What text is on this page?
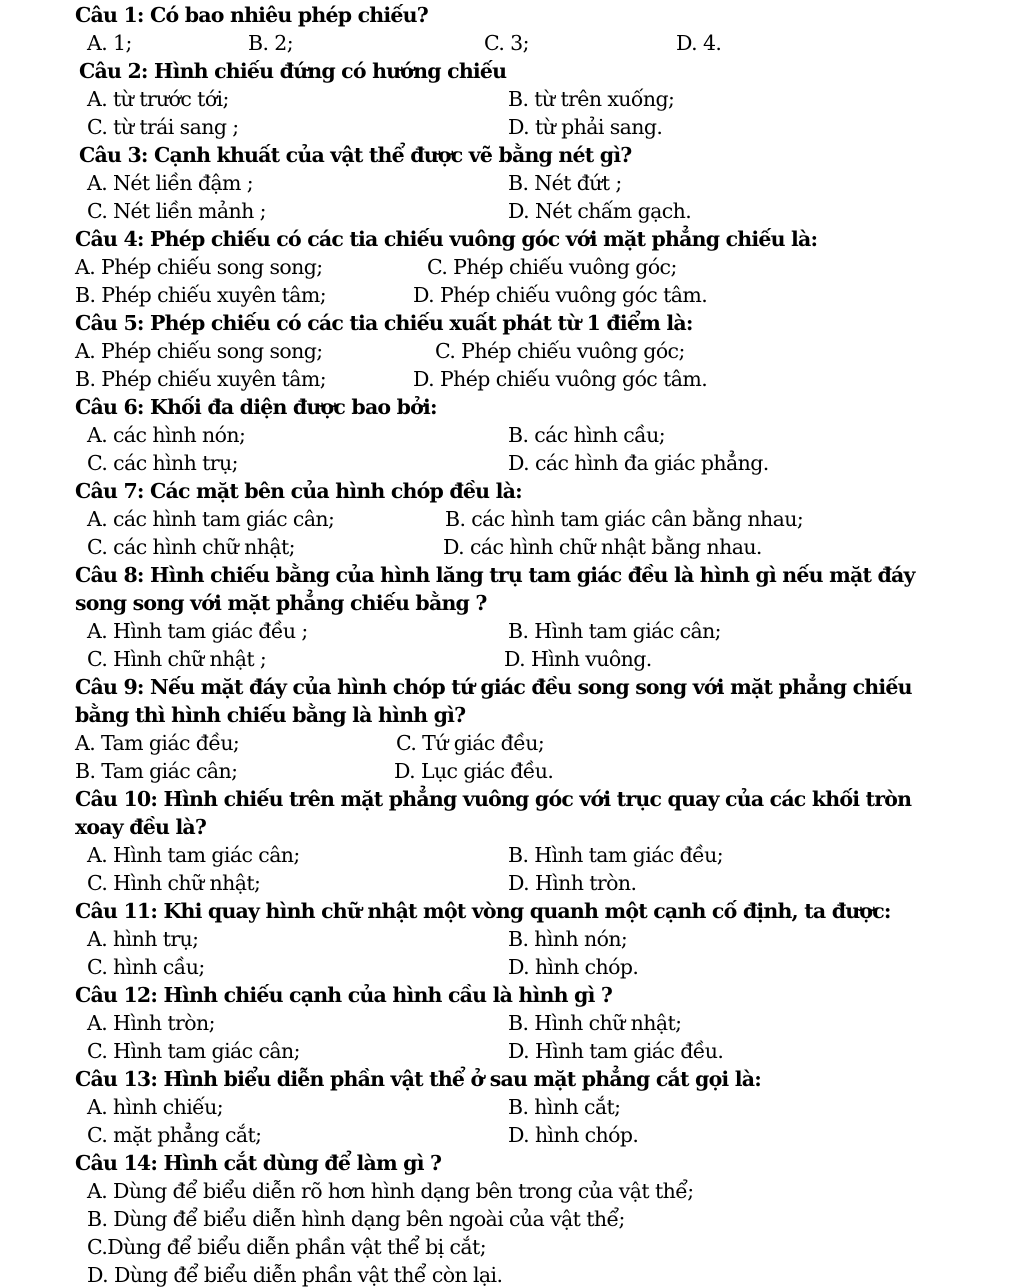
Câu 1: Có bao nhiêu phép chiếu?
A. 1;	B. 2;	C. 3;	D. 4.
Câu 2: Hình chiếu đứng có hướng chiếu
A. từ trước tới;	B. từ trên xuống;
C. từ trái sang ;	D. từ phải sang.
Câu 3: Cạnh khuất của vật thể được vẽ bằng nét gì?
A. Nét liền đậm ;	B. Nét đứt ;
C. Nét liền mảnh ;	D. Nét chấm gạch.
Câu 4: Phép chiếu có các tia chiếu vuông góc với mặt phẳng chiếu là:
A. Phép chiếu song song;	C. Phép chiếu vuông góc;
B. Phép chiếu xuyên tâm;	D. Phép chiếu vuông góc tâm.
Câu 5: Phép chiếu có các tia chiếu xuất phát từ 1 điểm là:
A. Phép chiếu song song;	C. Phép chiếu vuông góc;
B. Phép chiếu xuyên tâm;	D. Phép chiếu vuông góc tâm.
Câu 6: Khối đa diện được bao bởi:
A. các hình nón;	B. các hình cầu;
C. các hình trụ;	D. các hình đa giác phẳng.
Câu 7: Các mặt bên của hình chóp đều là:
A. các hình tam giác cân;	B. các hình tam giác cân bằng nhau;
C. các hình chữ nhật;	D. các hình chữ nhật bằng nhau.
Câu 8: Hình chiếu bằng của hình lăng trụ tam giác đều là hình gì nếu mặt đáy
song song với mặt phẳng chiếu bằng ?
A. Hình tam giác đều ;	B. Hình tam giác cân;
C. Hình chữ nhật ;	D. Hình vuông.
Câu 9: Nếu mặt đáy của hình chóp tứ giác đều song song với mặt phẳng chiếu
bằng thì hình chiếu bằng là hình gì?
A. Tam giác đều;	C. Tứ giác đều;
B. Tam giác cân;	D. Lục giác đều.
Câu 10: Hình chiếu trên mặt phẳng vuông góc với trục quay của các khối tròn
xoay đều là?
A. Hình tam giác cân;	B. Hình tam giác đều;
C. Hình chữ nhật;	D. Hình tròn.
Câu 11: Khi quay hình chữ nhật một vòng quanh một cạnh cố định, ta được:
A. hình trụ;	B. hình nón;
C. hình cầu;	D. hình chóp.
Câu 12: Hình chiếu cạnh của hình cầu là hình gì ?
A. Hình tròn;	B. Hình chữ nhật;
C. Hình tam giác cân;	D. Hình tam giác đều.
Câu 13: Hình biểu diễn phần vật thể ở sau mặt phẳng cắt gọi là:
A. hình chiếu;	B. hình cắt;
C. mặt phẳng cắt;	D. hình chóp.
Câu 14: Hình cắt dùng để làm gì ?
A. Dùng để biểu diễn rõ hơn hình dạng bên trong của vật thể;
B. Dùng để biểu diễn hình dạng bên ngoài của vật thể;
C.Dùng để biểu diễn phần vật thể bị cắt;
D. Dùng để biểu diễn phần vật thể còn lại.
